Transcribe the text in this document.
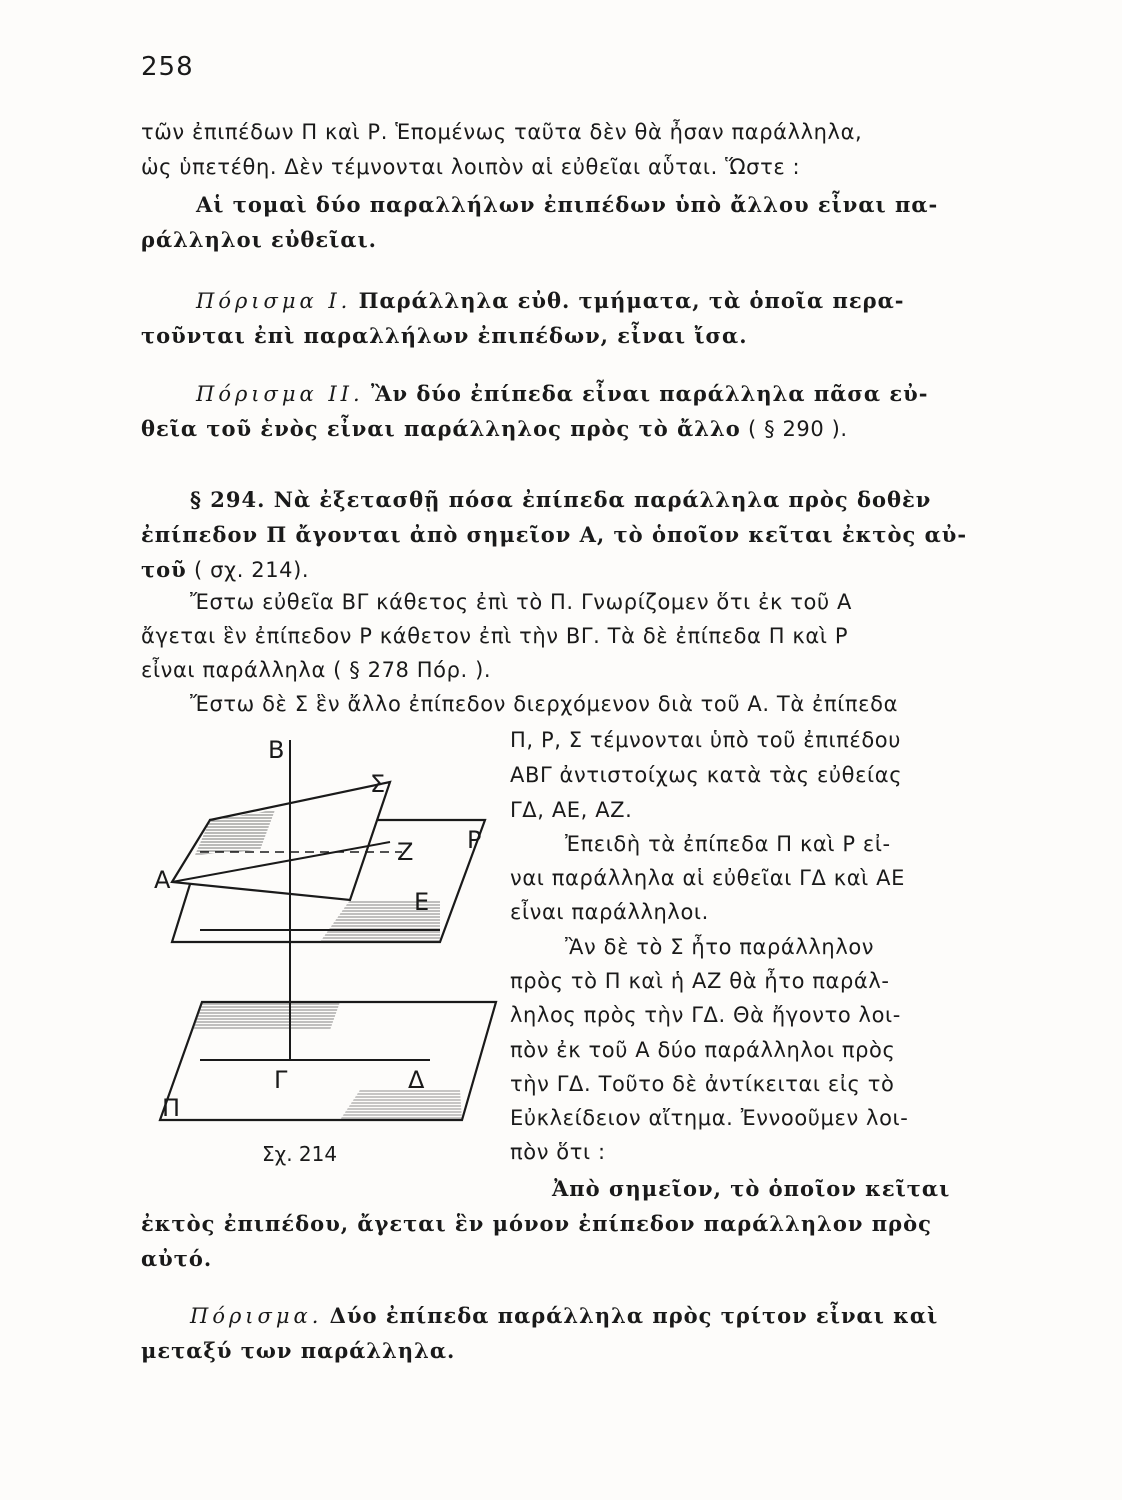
258
τῶν ἐπιπέδων Π καὶ Ρ. Ἑπομένως ταῦτα δὲν θὰ ἦσαν παράλληλα,
ὡς ὑπετέθη. Δὲν τέμνονται λοιπὸν αἱ εὐθεῖαι αὗται. Ὥστε :
Αἱ τομαὶ δύο παραλλήλων ἐπιπέδων ὑπὸ ἄλλου εἶναι πα-
ράλληλοι εὐθεῖαι.
Πόρισμα Ι. Παράλληλα εὐθ. τμήματα, τὰ ὁποῖα περα-
τοῦνται ἐπὶ παραλλήλων ἐπιπέδων, εἶναι ἴσα.
Πόρισμα ΙΙ. Ἂν δύο ἐπίπεδα εἶναι παράλληλα πᾶσα εὐ-
θεῖα τοῦ ἑνὸς εἶναι παράλληλος πρὸς τὸ ἄλλο ( § 290 ).
§ 294. Νὰ ἐξετασθῇ πόσα ἐπίπεδα παράλληλα πρὸς δοθὲν
ἐπίπεδον Π ἄγονται ἀπὸ σημεῖον Α, τὸ ὁποῖον κεῖται ἐκτὸς αὐ-
τοῦ ( σχ. 214).
Ἔστω εὐθεῖα ΒΓ κάθετος ἐπὶ τὸ Π. Γνωρίζομεν ὅτι ἐκ τοῦ Α
ἄγεται ἓν ἐπίπεδον Ρ κάθετον ἐπὶ τὴν ΒΓ. Τὰ δὲ ἐπίπεδα Π καὶ Ρ
εἶναι παράλληλα ( § 278 Πόρ. ).
Ἔστω δὲ Σ ἓν ἄλλο ἐπίπεδον διερχόμενον διὰ τοῦ Α. Τὰ ἐπίπεδα
Π, Ρ, Σ τέμνονται ὑπὸ τοῦ ἐπιπέδου
ΑΒΓ ἀντιστοίχως κατὰ τὰς εὐθείας
ΓΔ, ΑΕ, ΑΖ.
Ἐπειδὴ τὰ ἐπίπεδα Π καὶ Ρ εἰ-
ναι παράλληλα αἱ εὐθεῖαι ΓΔ καὶ ΑΕ
εἶναι παράλληλοι.
Ἂν δὲ τὸ Σ ἦτο παράλληλον
πρὸς τὸ Π καὶ ἡ ΑΖ θὰ ἦτο παράλ-
ληλος πρὸς τὴν ΓΔ. Θὰ ἤγοντο λοι-
πὸν ἐκ τοῦ Α δύο παράλληλοι πρὸς
τὴν ΓΔ. Τοῦτο δὲ ἀντίκειται εἰς τὸ
Εὐκλείδειον αἴτημα. Ἐννοοῦμεν λοι-
πὸν ὅτι :
Ἀπὸ σημεῖον, τὸ ὁποῖον κεῖται
ἐκτὸς ἐπιπέδου, ἄγεται ἓν μόνον ἐπίπεδον παράλληλον πρὸς
αὐτό.
Πόρισμα. Δύο ἐπίπεδα παράλληλα πρὸς τρίτον εἶναι καὶ
μεταξύ των παράλληλα.
Β
Σ
Ρ
Ζ
Α
Ε
Γ	Δ
Π
Σχ. 214
